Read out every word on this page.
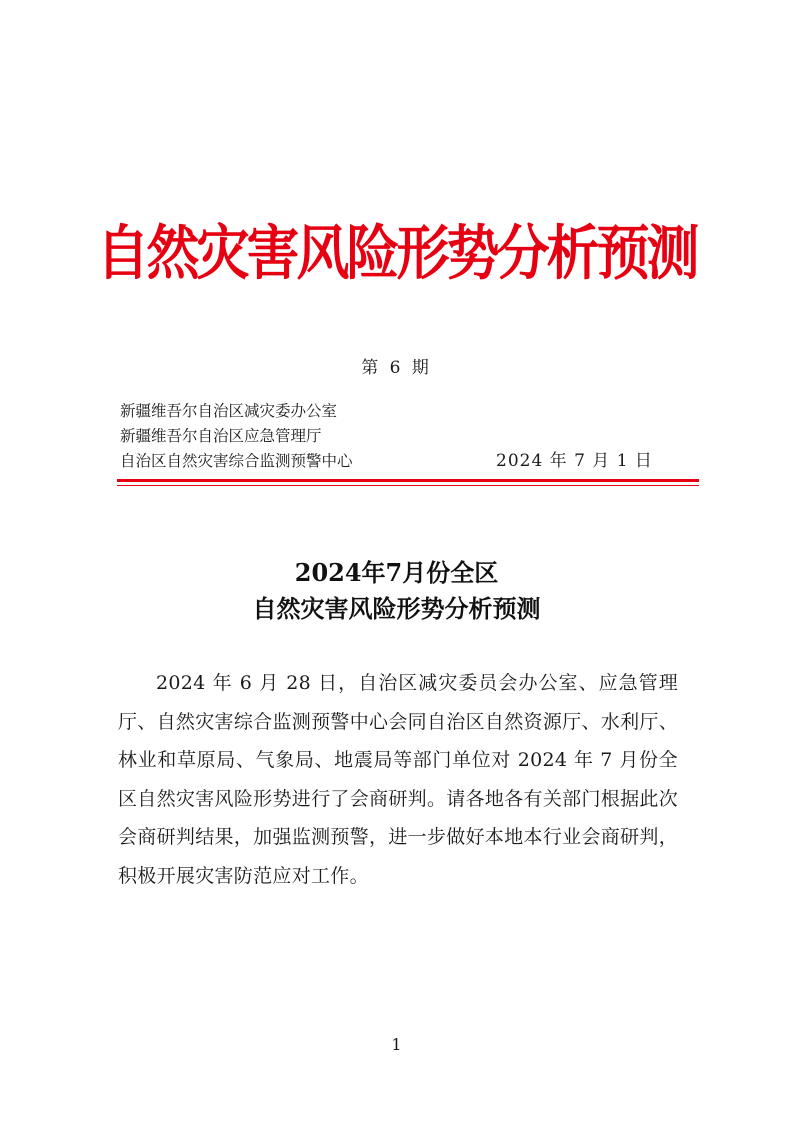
自然灾害风险形势分析预测
第 6 期
新疆维吾尔自治区减灾委办公室
新疆维吾尔自治区应急管理厅
自治区自然灾害综合监测预警中心	2024 年 7 月 1 日
2024年7月份全区
自然灾害风险形势分析预测

2024 年 6 月 28 日，自治区减灾委员会办公室、应急管理厅、自然灾害综合监测预警中心会同自治区自然资源厅、水利厅、林业和草原局、气象局、地震局等部门单位对 2024 年 7 月份全区自然灾害风险形势进行了会商研判。请各地各有关部门根据此次会商研判结果，加强监测预警，进一步做好本地本行业会商研判，积极开展灾害防范应对工作。

1
